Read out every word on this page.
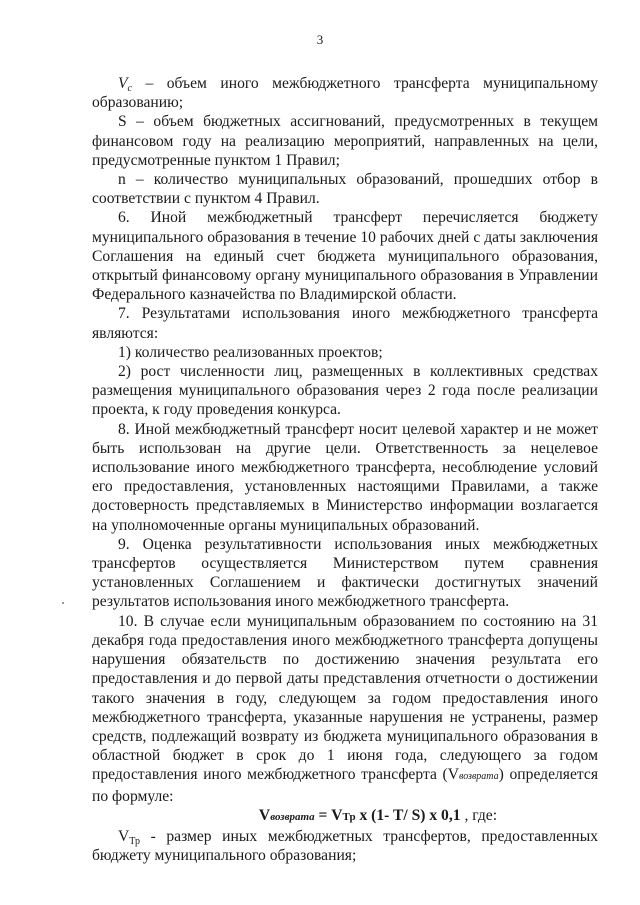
3

$V_c$ – объем иного межбюджетного трансферта муниципальному образованию;

S – объем бюджетных ассигнований, предусмотренных в текущем финансовом году на реализацию мероприятий, направленных на цели, предусмотренные пунктом 1 Правил;

n – количество муниципальных образований, прошедших отбор в соответствии с пунктом 4 Правил.

6. Иной межбюджетный трансферт перечисляется бюджету муниципального образования в течение 10 рабочих дней с даты заключения Соглашения на единый счет бюджета муниципального образования, открытый финансовому органу муниципального образования в Управлении Федерального казначейства по Владимирской области.

7. Результатами использования иного межбюджетного трансферта являются:

1) количество реализованных проектов;

2) рост численности лиц, размещенных в коллективных средствах размещения муниципального образования через 2 года после реализации проекта, к году проведения конкурса.

8. Иной межбюджетный трансферт носит целевой характер и не может быть использован на другие цели. Ответственность за нецелевое использование иного межбюджетного трансферта, несоблюдение условий его предоставления, установленных настоящими Правилами, а также достоверность представляемых в Министерство информации возлагается на уполномоченные органы муниципальных образований.

9. Оценка результативности использования иных межбюджетных трансфертов осуществляется Министерством путем сравнения установленных Соглашением и фактически достигнутых значений результатов использования иного межбюджетного трансферта.

10. В случае если муниципальным образованием по состоянию на 31 декабря года предоставления иного межбюджетного трансферта допущены нарушения обязательств по достижению значения результата его предоставления и до первой даты представления отчетности о достижении такого значения в году, следующем за годом предоставления иного межбюджетного трансферта, указанные нарушения не устранены, размер средств, подлежащий возврату из бюджета муниципального образования в областной бюджет в срок до 1 июня года, следующего за годом предоставления иного межбюджетного трансферта (Vвозврата) определяется по формуле:

Vвозврата = VТр x (1- T/ S) x 0,1 , где:

$V_{Тр}$ - размер иных межбюджетных трансфертов, предоставленных бюджету муниципального образования;
